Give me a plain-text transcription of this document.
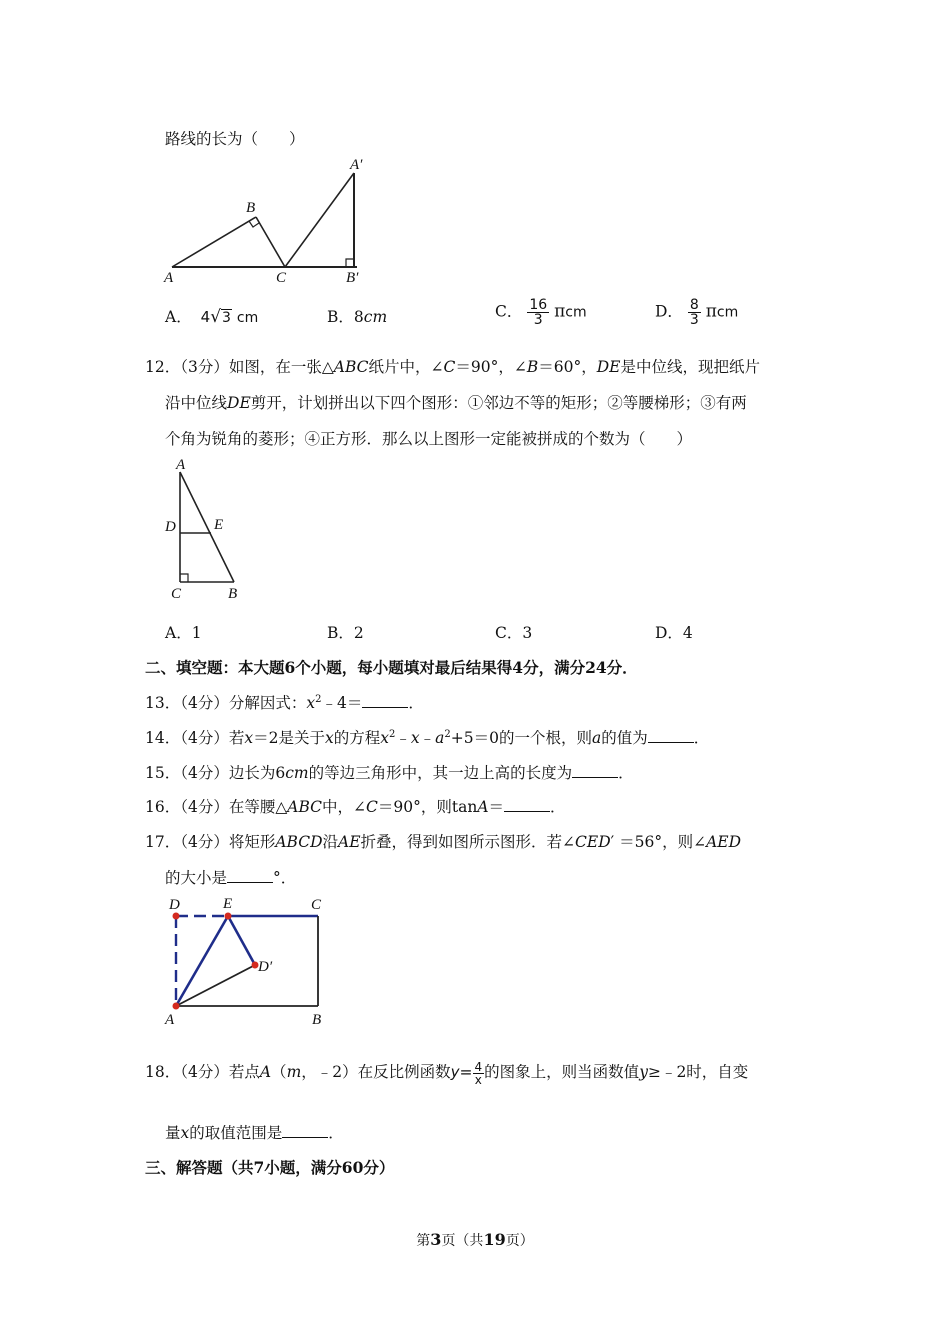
路线的长为（　　）
A
B
C
A′
B′
A． 4√3 cm	B．8cm	C． $\frac{16}{3}$ πcm	D． $\frac{8}{3}$ πcm
12．（3分）如图，在一张△ABC纸片中，∠C＝90°，∠B＝60°，DE是中位线，现把纸片
沿中位线DE剪开，计划拼出以下四个图形：①邻边不等的矩形；②等腰梯形；③有两
个角为锐角的菱形；④正方形．那么以上图形一定能被拼成的个数为（　　）
A
D	E
C	B
A．1	B．2	C．3	D．4
二、填空题：本大题6个小题，每小题填对最后结果得4分，满分24分．
13．（4分）分解因式：$x^2﹣4=$	．
14．（4分）若x＝2是关于x的方程$x^2﹣x﹣a^2+5=0$的一个根，则a的值为	．
15．（4分）边长为6cm的等边三角形中，其一边上高的长度为	．
16．（4分）在等腰△ABC中，∠C＝90°，则tanA＝	．
17．（4分）将矩形ABCD沿AE折叠，得到如图所示图形．若∠CED′ ＝56°，则∠AED
的大小是	°．
D	E	C
D′
A	B
18．（4分）若点A（m，﹣2）在反比例函数$y= \frac{4}{x}$ 的图象上，则当函数值y≥﹣2时，自变
量x的取值范围是	．
三、解答题（共7小题，满分60分）
第3页（共19页）
